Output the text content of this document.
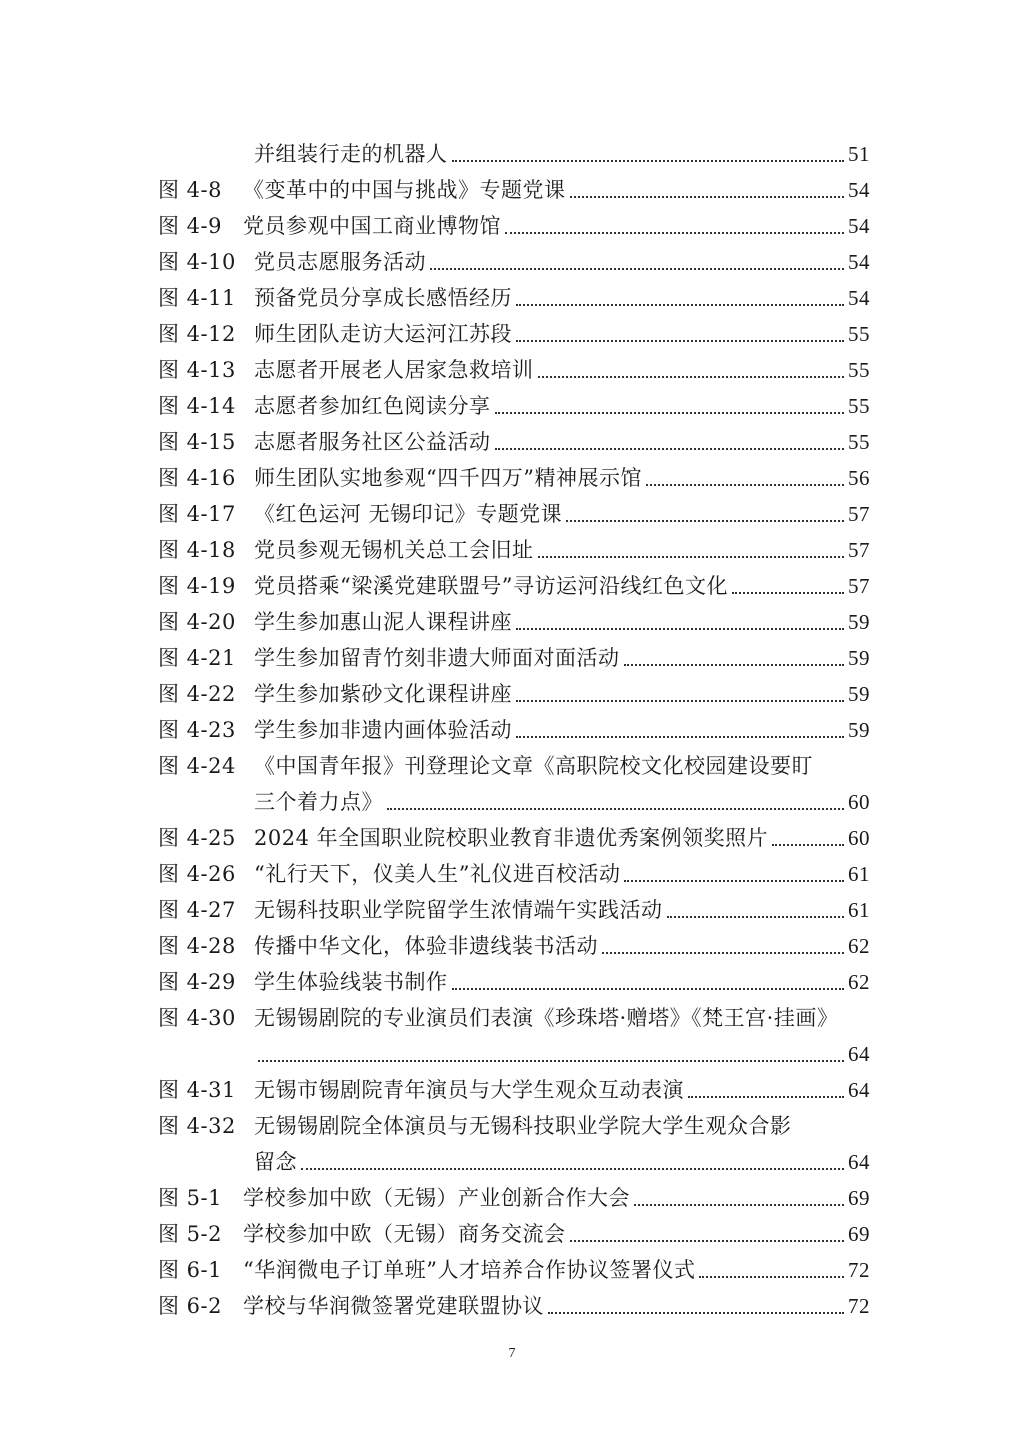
并组装行走的机器人	51
图 4-8	《变革中的中国与挑战》专题党课	54
图 4-9	党员参观中国工商业博物馆	54
图 4-10 党员志愿服务活动	54
图 4-11 预备党员分享成长感悟经历	54
图 4-12 师生团队走访大运河江苏段	55
图 4-13 志愿者开展老人居家急救培训	55
图 4-14 志愿者参加红色阅读分享	55
图 4-15 志愿者服务社区公益活动	55
图 4-16 师生团队实地参观“四千四万”精神展示馆	56
图 4-17 《红色运河 无锡印记》专题党课	57
图 4-18 党员参观无锡机关总工会旧址	57
图 4-19 党员搭乘“梁溪党建联盟号”寻访运河沿线红色文化	57
图 4-20 学生参加惠山泥人课程讲座	59
图 4-21 学生参加留青竹刻非遗大师面对面活动	59
图 4-22 学生参加紫砂文化课程讲座	59
图 4-23 学生参加非遗内画体验活动	59
图 4-24 《中国青年报》刊登理论文章《高职院校文化校园建设要盯
三个着力点》	60
图 4-25 2024 年全国职业院校职业教育非遗优秀案例领奖照片	60
图 4-26 “礼行天下，仪美人生”礼仪进百校活动	61
图 4-27 无锡科技职业学院留学生浓情端午实践活动	61
图 4-28 传播中华文化，体验非遗线装书活动	62
图 4-29 学生体验线装书制作	62
图 4-30 无锡锡剧院的专业演员们表演《珍珠塔·赠塔》《梵王宫·挂画》
64
图 4-31 无锡市锡剧院青年演员与大学生观众互动表演	64
图 4-32 无锡锡剧院全体演员与无锡科技职业学院大学生观众合影
留念	64
图 5-1	学校参加中欧（无锡）产业创新合作大会	69
图 5-2	学校参加中欧（无锡）商务交流会	69
图 6-1	“华润微电子订单班”人才培养合作协议签署仪式	72
图 6-2	学校与华润微签署党建联盟协议	72
7
